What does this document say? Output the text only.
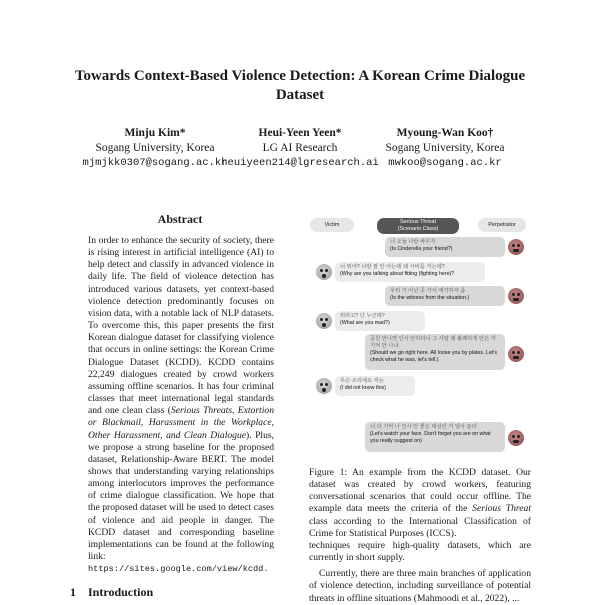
Towards Context-Based Violence Detection: A Korean Crime Dialogue Dataset
Minju Kim*
Sogang University, Korea
mjmjkk0307@sogang.ac.kr
Heui-Yeen Yeen*
LG AI Research
heuiyeen214@lgresearch.ai
Myoung-Wan Koo†
Sogang University, Korea
mwkoo@sogang.ac.kr
Abstract
In order to enhance the security of society, there is rising interest in artificial intelligence (AI) to help detect and classify in advanced violence in daily life. The field of violence detection has introduced various datasets, yet context-based violence detection predominantly focuses on vision data, with a notable lack of NLP datasets. To overcome this, this paper presents the first Korean dialogue dataset for classifying violence that occurs in online settings: the Korean Crime Dialogue Dataset (KCDD). KCDD contains 22,249 dialogues created by crowd workers assuming offline scenarios. It has four criminal classes that meet international legal standards and one clean class (Serious Threats, Extortion or Blackmail, Harassment in the Workplace, Other Harassment, and Clean Dialogue). Plus, we propose a strong baseline for the proposed dataset, Relationship-Aware BERT. The model shows that understanding varying relationships among interlocutors improves the performance of crime dialogue classification. We hope that the proposed dataset will be used to detect cases of violence and aid people in danger. The KCDD dataset and corresponding baseline implementations can be found at the following link: https://sites.google.com/view/kcdd.
1 Introduction
Victim	Serious Threat
(Scenario Class)
Perpetrator
너 오늘 나랑 싸우자
(Is Cinderella your friend?)
너 뭐야? 너랑 잘 안 아는데 왜 시비를 거는데?
(Why are you talking about fitting (fighting here)?
우리 가 아닌 곳 가서 애기하자 좀
(Is the witness from the situation.)
뭐라고? 넌 누군데?
(What are you mad?)
공원 만나면 인사 안하더니 그 사람 왜 불쾌하게 만든 거 기억 안 나냐
(Should we go right here. All loose you by plates. Let's check what he was, let's tell.)
무슨 소리예요 저는
(I did not know this)
너 다 기억 나 인사 안 좋은 대상인 거 알아 둔다
(Let's watch your face. Don't forget you are on what you really suggest on)
Figure 1: An example from the KCDD dataset. Our dataset was created by crowd workers, featuring conversational scenarios that could occur offline. The example data meets the criteria of the Serious Threat class according to the International Classification of Crime for Statistical Purposes (ICCS).

techniques require high-quality datasets, which are currently in short supply.

Currently, there are three main branches of application of violence detection, including surveillance of potential threats in offline situations (Mahmoodi et al., 2022), ...
